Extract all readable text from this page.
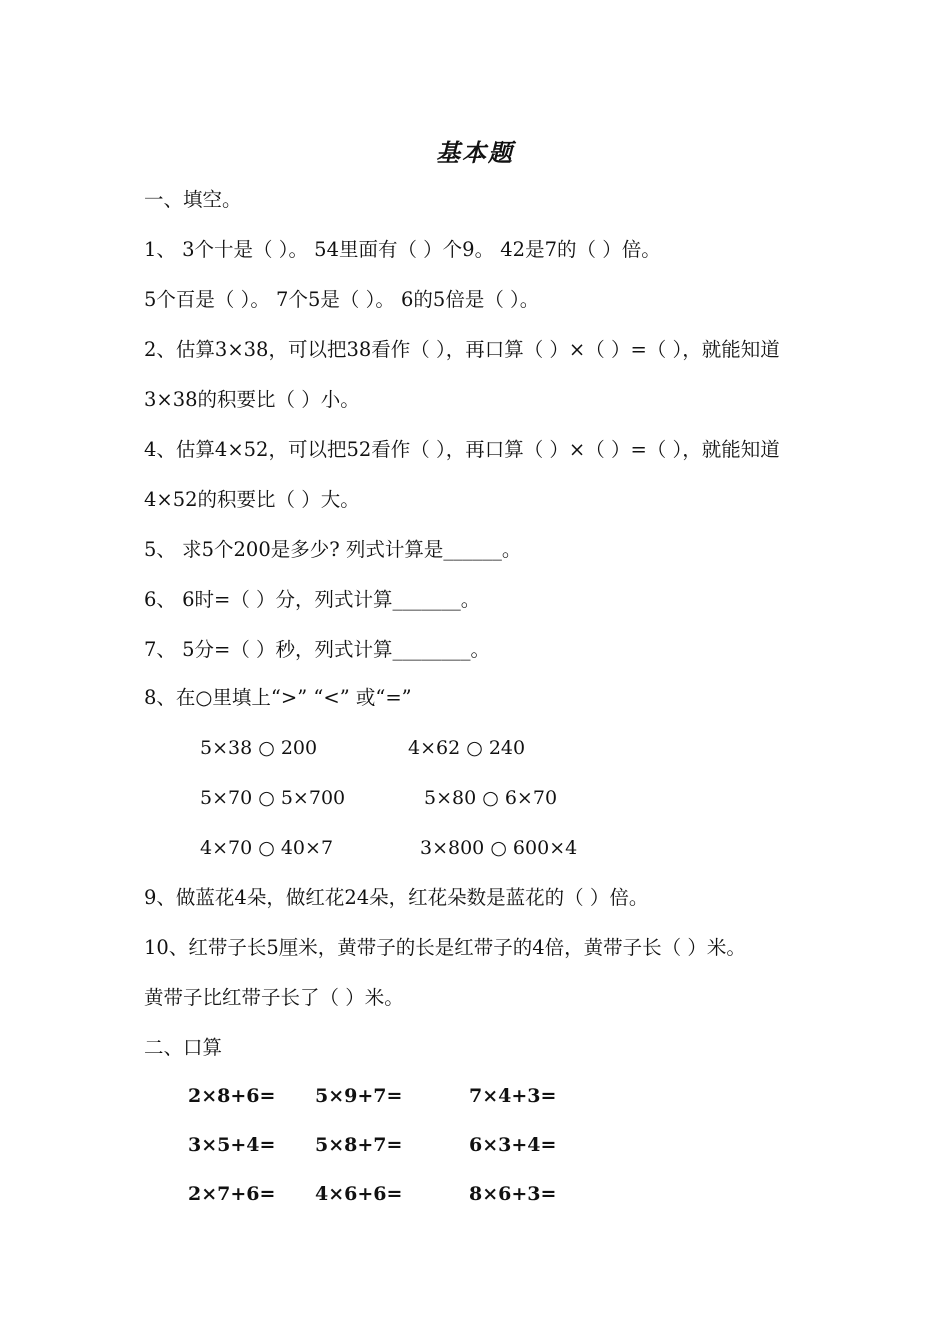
基本题
一、填空。
1、 3个十是（ ）。 54里面有（ ）个9。 42是7的（ ）倍。
5个百是（ ）。 7个5是（ ）。 6的5倍是（ ）。
2、估算3×38，可以把38看作（ ），再口算（ ）×（ ）=（ ），就能知道
3×38的积要比（ ）小。
4、估算4×52，可以把52看作（ ），再口算（ ）×（ ）=（ ），就能知道
4×52的积要比（ ）大。
5、 求5个200是多少? 列式计算是______。
6、 6时=（ ）分，列式计算_______。
7、 5分=（ ）秒，列式计算________。
8、在○里填上“>” “<” 或“=”
5×38 ○ 200	4×62 ○ 240
5×70 ○ 5×700	5×80 ○ 6×70
4×70 ○ 40×7	3×800 ○ 600×4
9、做蓝花4朵，做红花24朵，红花朵数是蓝花的（ ）倍。
10、红带子长5厘米，黄带子的长是红带子的4倍，黄带子长（ ）米。
黄带子比红带子长了（ ）米。
二、口算
2×8+6= 5×9+7=	7×4+3=
3×5+4= 5×8+7=	6×3+4=
2×7+6= 4×6+6=	8×6+3=
